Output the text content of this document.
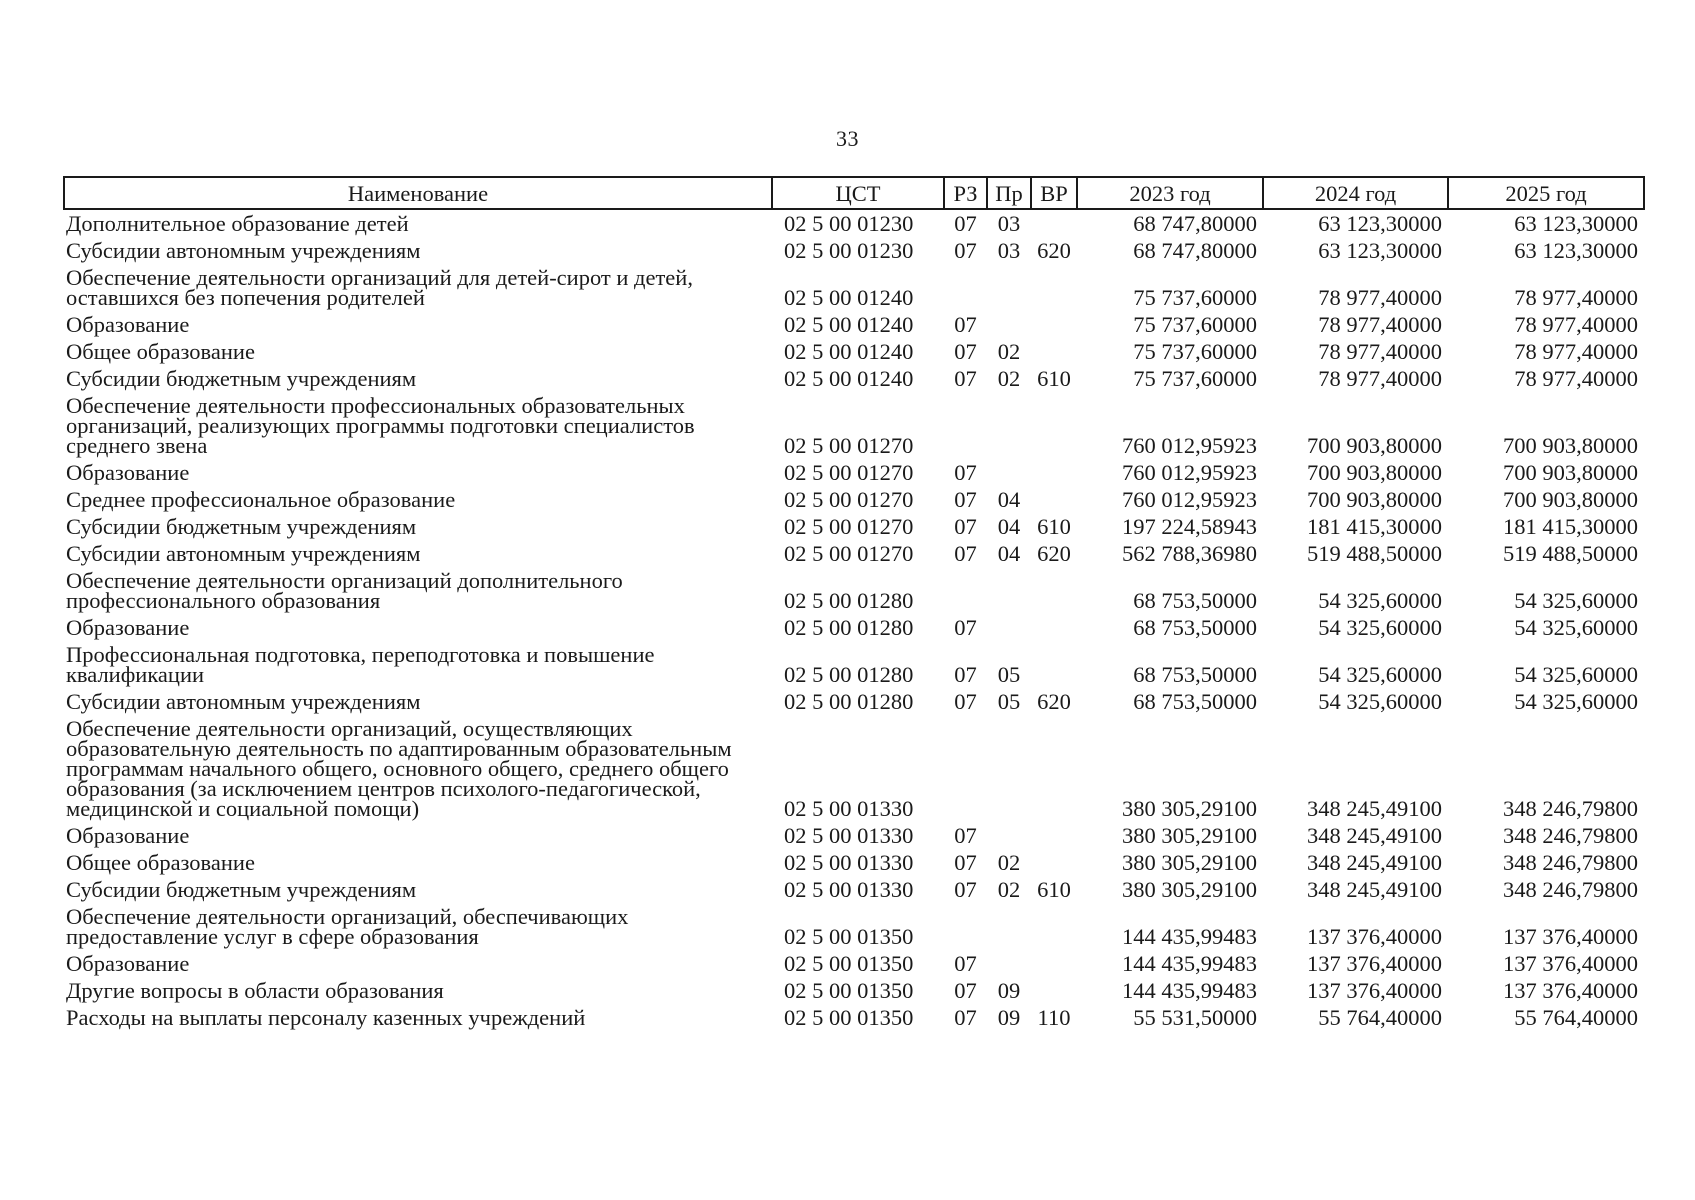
33
Наименование	ЦСТ	РЗ	Пр	ВР	2023 год	2024 год	2025 год
Дополнительное образование детей	02 5 00 01230	07	03		68 747,80000	63 123,30000	63 123,30000
Субсидии автономным учреждениям	02 5 00 01230	07	03	620	68 747,80000	63 123,30000	63 123,30000
Обеспечение деятельности организаций для детей-сирот и детей, оставшихся без попечения родителей	02 5 00 01240				75 737,60000	78 977,40000	78 977,40000
Образование	02 5 00 01240	07			75 737,60000	78 977,40000	78 977,40000
Общее образование	02 5 00 01240	07	02		75 737,60000	78 977,40000	78 977,40000
Субсидии бюджетным учреждениям	02 5 00 01240	07	02	610	75 737,60000	78 977,40000	78 977,40000
Обеспечение деятельности профессиональных образовательных организаций, реализующих программы подготовки специалистов среднего звена	02 5 00 01270				760 012,95923	700 903,80000	700 903,80000
Образование	02 5 00 01270	07			760 012,95923	700 903,80000	700 903,80000
Среднее профессиональное образование	02 5 00 01270	07	04		760 012,95923	700 903,80000	700 903,80000
Субсидии бюджетным учреждениям	02 5 00 01270	07	04	610	197 224,58943	181 415,30000	181 415,30000
Субсидии автономным учреждениям	02 5 00 01270	07	04	620	562 788,36980	519 488,50000	519 488,50000
Обеспечение деятельности организаций дополнительного профессионального образования	02 5 00 01280				68 753,50000	54 325,60000	54 325,60000
Образование	02 5 00 01280	07			68 753,50000	54 325,60000	54 325,60000
Профессиональная подготовка, переподготовка и повышение квалификации	02 5 00 01280	07	05		68 753,50000	54 325,60000	54 325,60000
Субсидии автономным учреждениям	02 5 00 01280	07	05	620	68 753,50000	54 325,60000	54 325,60000
Обеспечение деятельности организаций, осуществляющих образовательную деятельность по адаптированным образовательным программам начального общего, основного общего, среднего общего образования (за исключением центров психолого-педагогической, медицинской и социальной помощи)	02 5 00 01330				380 305,29100	348 245,49100	348 246,79800
Образование	02 5 00 01330	07			380 305,29100	348 245,49100	348 246,79800
Общее образование	02 5 00 01330	07	02		380 305,29100	348 245,49100	348 246,79800
Субсидии бюджетным учреждениям	02 5 00 01330	07	02	610	380 305,29100	348 245,49100	348 246,79800
Обеспечение деятельности организаций, обеспечивающих предоставление услуг в сфере образования	02 5 00 01350				144 435,99483	137 376,40000	137 376,40000
Образование	02 5 00 01350	07			144 435,99483	137 376,40000	137 376,40000
Другие вопросы в области образования	02 5 00 01350	07	09		144 435,99483	137 376,40000	137 376,40000
Расходы на выплаты персоналу казенных учреждений	02 5 00 01350	07	09	110	55 531,50000	55 764,40000	55 764,40000
